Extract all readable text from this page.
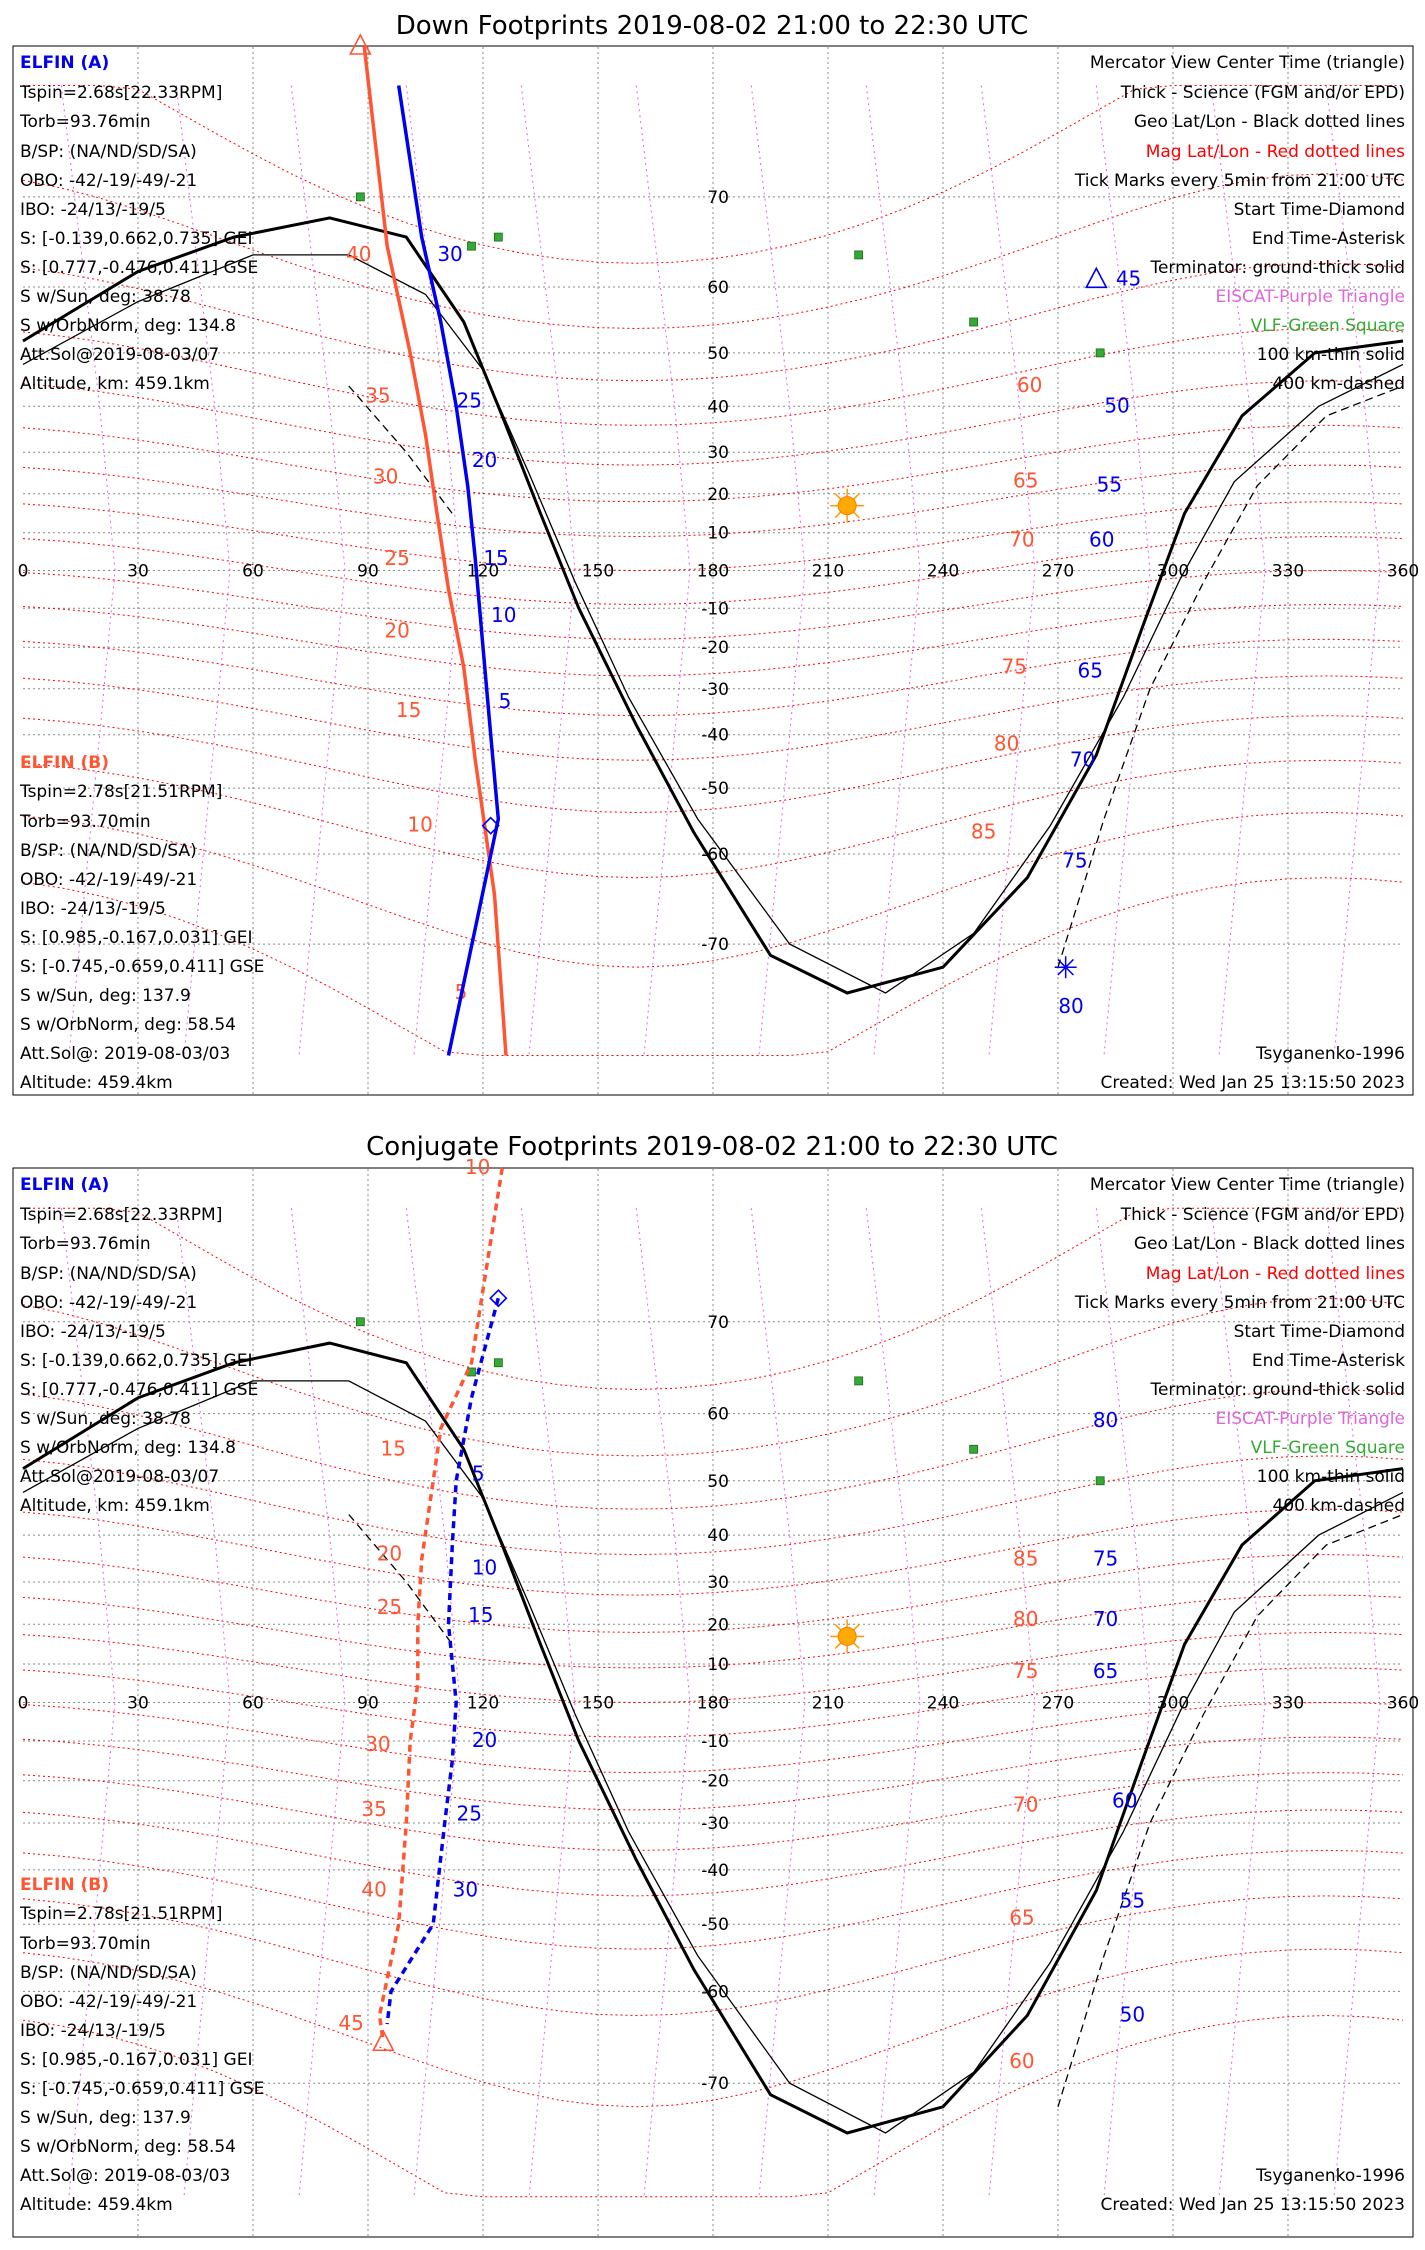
Down Footprints 2019-08-02 21:00 to 22:30 UTC
0	30	60	90	120	150	180	210	240	270	300	330	360
70
60
50
40
30
20
10
-10
-20
-30
-40
-50
-60
-70
40
35
30
25
20
15
10
5
60
65
70
75
80
85
30
25
20
15
10
5
45
50
55
60
65
70
75
80
ELFIN (A)
Tspin=2.68s[22.33RPM]
Torb=93.76min
B/SP: (NA/ND/SD/SA)
OBO: -42/-19/-49/-21
IBO: -24/13/-19/5
S: [-0.139,0.662,0.735] GEI
S: [0.777,-0.476,0.411] GSE
S w/Sun, deg: 38.78
S w/OrbNorm, deg: 134.8
Att.Sol@2019-08-03/07
Altitude, km: 459.1km
ELFIN (B)
Tspin=2.78s[21.51RPM]
Torb=93.70min
B/SP: (NA/ND/SD/SA)
OBO: -42/-19/-49/-21
IBO: -24/13/-19/5
S: [0.985,-0.167,0.031] GEI
S: [-0.745,-0.659,0.411] GSE
S w/Sun, deg: 137.9
S w/OrbNorm, deg: 58.54
Att.Sol@: 2019-08-03/03
Altitude: 459.4km
Mercator View Center Time (triangle)
Thick - Science (FGM and/or EPD)
Geo Lat/Lon - Black dotted lines
Mag Lat/Lon - Red dotted lines
Tick Marks every 5min from 21:00 UTC
Start Time-Diamond
End Time-Asterisk
Terminator: ground-thick solid
EISCAT-Purple Triangle
VLF-Green Square
100 km-thin solid
400 km-dashed
Tsyganenko-1996
Created: Wed Jan 25 13:15:50 2023
Conjugate Footprints 2019-08-02 21:00 to 22:30 UTC
0	30	60	90	120	150	180	210	240	270	300	330	360
70
60
50
40
30
20
10
-10
-20
-30
-40
-50
-60
-70
10
15
20
25
30
35
40
45
85
80
75
70
65
60
5
10
15
20
25
30
80
75
70
65
60
55
50
ELFIN (A)
Tspin=2.68s[22.33RPM]
Torb=93.76min
B/SP: (NA/ND/SD/SA)
OBO: -42/-19/-49/-21
IBO: -24/13/-19/5
S: [-0.139,0.662,0.735] GEI
S: [0.777,-0.476,0.411] GSE
S w/Sun, deg: 38.78
S w/OrbNorm, deg: 134.8
Att.Sol@2019-08-03/07
Altitude, km: 459.1km
ELFIN (B)
Tspin=2.78s[21.51RPM]
Torb=93.70min
B/SP: (NA/ND/SD/SA)
OBO: -42/-19/-49/-21
IBO: -24/13/-19/5
S: [0.985,-0.167,0.031] GEI
S: [-0.745,-0.659,0.411] GSE
S w/Sun, deg: 137.9
S w/OrbNorm, deg: 58.54
Att.Sol@: 2019-08-03/03
Altitude: 459.4km
Mercator View Center Time (triangle)
Thick - Science (FGM and/or EPD)
Geo Lat/Lon - Black dotted lines
Mag Lat/Lon - Red dotted lines
Tick Marks every 5min from 21:00 UTC
Start Time-Diamond
End Time-Asterisk
Terminator: ground-thick solid
EISCAT-Purple Triangle
VLF-Green Square
100 km-thin solid
400 km-dashed
Tsyganenko-1996
Created: Wed Jan 25 13:15:50 2023
